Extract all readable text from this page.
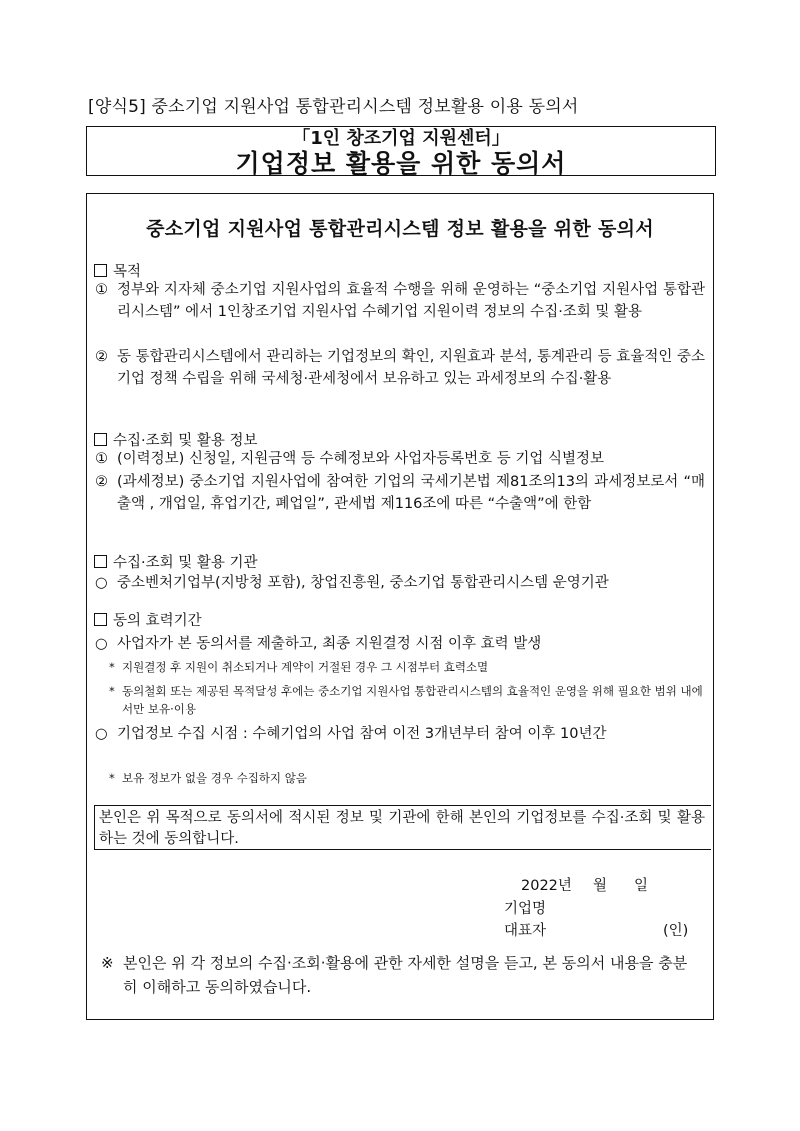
[양식5] 중소기업 지원사업 통합관리시스템 정보활용 이용 동의서
｢1인 창조기업 지원센터｣
기업정보 활용을 위한 동의서
중소기업 지원사업 통합관리시스템 정보 활용을 위한 동의서
목적
① 정부와 지자체 중소기업 지원사업의 효율적 수행을 위해 운영하는 “중소기업 지원사업 통합관리시스템” 에서 1인창조기업 지원사업 수혜기업 지원이력 정보의 수집·조회 및 활용
② 동 통합관리시스템에서 관리하는 기업정보의 확인, 지원효과 분석, 통계관리 등 효율적인 중소기업 정책 수립을 위해 국세청·관세청에서 보유하고 있는 과세정보의 수집·활용
수집·조회 및 활용 정보
① (이력정보) 신청일, 지원금액 등 수혜정보와 사업자등록번호 등 기업 식별정보
② (과세정보) 중소기업 지원사업에 참여한 기업의 국세기본법 제81조의13의 과세정보로서 “매출액 , 개업일, 휴업기간, 폐업일”, 관세법 제116조에 따른 “수출액”에 한함
수집·조회 및 활용 기관
○ 중소벤처기업부(지방청 포함), 창업진흥원, 중소기업 통합관리시스템 운영기관
동의 효력기간
○ 사업자가 본 동의서를 제출하고, 최종 지원결정 시점 이후 효력 발생
* 지원결정 후 지원이 취소되거나 계약이 거절된 경우 그 시점부터 효력소멸
* 동의철회 또는 제공된 목적달성 후에는 중소기업 지원사업 통합관리시스템의 효율적인 운영을 위해 필요한 범위 내에서만 보유·이용
○ 기업정보 수집 시점 : 수혜기업의 사업 참여 이전 3개년부터 참여 이후 10년간
* 보유 정보가 없을 경우 수집하지 않음
본인은 위 목적으로 동의서에 적시된 정보 및 기관에 한해 본인의 기업정보를 수집·조회 및 활용하는 것에 동의합니다.
2022년 월 일
기업명
대표자	(인)
※ 본인은 위 각 정보의 수집·조회·활용에 관한 자세한 설명을 듣고, 본 동의서 내용을 충분히 이해하고 동의하였습니다.
